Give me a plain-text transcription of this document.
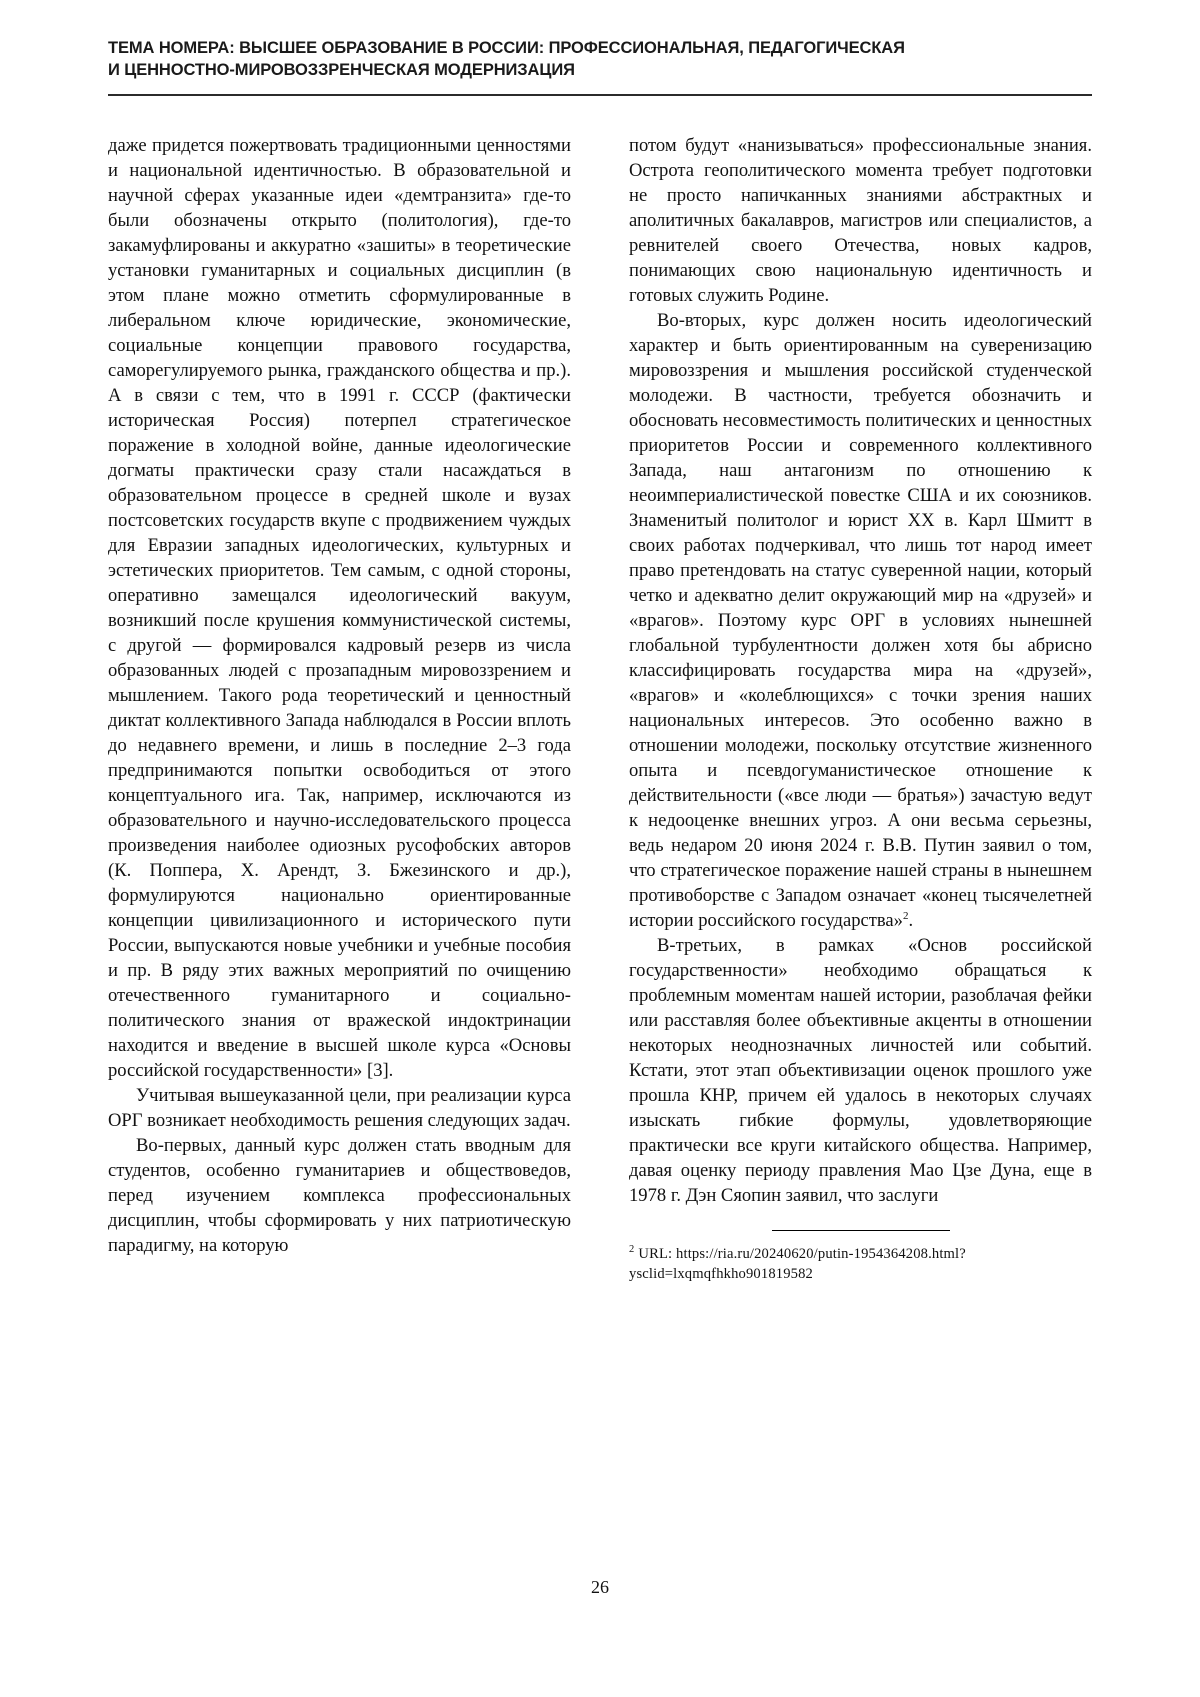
ТЕМА НОМЕРА: ВЫСШЕЕ ОБРАЗОВАНИЕ В РОССИИ: ПРОФЕССИОНАЛЬНАЯ, ПЕДАГОГИЧЕСКАЯ
И ЦЕННОСТНО-МИРОВОЗЗРЕНЧЕСКАЯ МОДЕРНИЗАЦИЯ

даже придется пожертвовать традиционными ценностями и национальной идентичностью. В образовательной и научной сферах указанные идеи «демтранзита» где-то были обозначены открыто (политология), где-то закамуфлированы и аккуратно «зашиты» в теоретические установки гуманитарных и социальных дисциплин (в этом плане можно отметить сформулированные в либеральном ключе юридические, экономические, социальные концепции правового государства, саморегулируемого рынка, гражданского общества и пр.). А в связи с тем, что в 1991 г. СССР (фактически историческая Россия) потерпел стратегическое поражение в холодной войне, данные идеологические догматы практически сразу стали насаждаться в образовательном процессе в средней школе и вузах постсоветских государств вкупе с продвижением чуждых для Евразии западных идеологических, культурных и эстетических приоритетов. Тем самым, с одной стороны, оперативно замещался идеологический вакуум, возникший после крушения коммунистической системы, с другой — формировался кадровый резерв из числа образованных людей с прозападным мировоззрением и мышлением. Такого рода теоретический и ценностный диктат коллективного Запада наблюдался в России вплоть до недавнего времени, и лишь в последние 2–3 года предпринимаются попытки освободиться от этого концептуального ига. Так, например, исключаются из образовательного и научно-исследовательского процесса произведения наиболее одиозных русофобских авторов (К. Поппера, Х. Арендт, З. Бжезинского и др.), формулируются национально ориентированные концепции цивилизационного и исторического пути России, выпускаются новые учебники и учебные пособия и пр. В ряду этих важных мероприятий по очищению отечественного гуманитарного и социально-политического знания от вражеской индоктринации находится и введение в высшей школе курса «Основы российской государственности» [3].

Учитывая вышеуказанной цели, при реализации курса ОРГ возникает необходимость решения следующих задач.

Во-первых, данный курс должен стать вводным для студентов, особенно гуманитариев и обществоведов, перед изучением комплекса профессиональных дисциплин, чтобы сформировать у них патриотическую парадигму, на которую

потом будут «нанизываться» профессиональные знания. Острота геополитического момента требует подготовки не просто напичканных знаниями абстрактных и аполитичных бакалавров, магистров или специалистов, а ревнителей своего Отечества, новых кадров, понимающих свою национальную идентичность и готовых служить Родине.

Во-вторых, курс должен носить идеологический характер и быть ориентированным на суверенизацию мировоззрения и мышления российской студенческой молодежи. В частности, требуется обозначить и обосновать несовместимость политических и ценностных приоритетов России и современного коллективного Запада, наш антагонизм по отношению к неоимпериалистической повестке США и их союзников. Знаменитый политолог и юрист XX в. Карл Шмитт в своих работах подчеркивал, что лишь тот народ имеет право претендовать на статус суверенной нации, который четко и адекватно делит окружающий мир на «друзей» и «врагов». Поэтому курс ОРГ в условиях нынешней глобальной турбулентности должен хотя бы абрисно классифицировать государства мира на «друзей», «врагов» и «колеблющихся» с точки зрения наших национальных интересов. Это особенно важно в отношении молодежи, поскольку отсутствие жизненного опыта и псевдогуманистическое отношение к действительности («все люди — братья») зачастую ведут к недооценке внешних угроз. А они весьма серьезны, ведь недаром 20 июня 2024 г. В.В. Путин заявил о том, что стратегическое поражение нашей страны в нынешнем противоборстве с Западом означает «конец тысячелетней истории российского государства»$^2$.

В-третьих, в рамках «Основ российской государственности» необходимо обращаться к проблемным моментам нашей истории, разоблачая фейки или расставляя более объективные акценты в отношении некоторых неоднозначных личностей или событий. Кстати, этот этап объективизации оценок прошлого уже прошла КНР, причем ей удалось в некоторых случаях изыскать гибкие формулы, удовлетворяющие практически все круги китайского общества. Например, давая оценку периоду правления Мао Цзе Дуна, еще в 1978 г. Дэн Сяопин заявил, что заслуги

$^2$ URL: https://ria.ru/20240620/putin-1954364208.html?ysclid=lxqmqfhkho901819582
26
